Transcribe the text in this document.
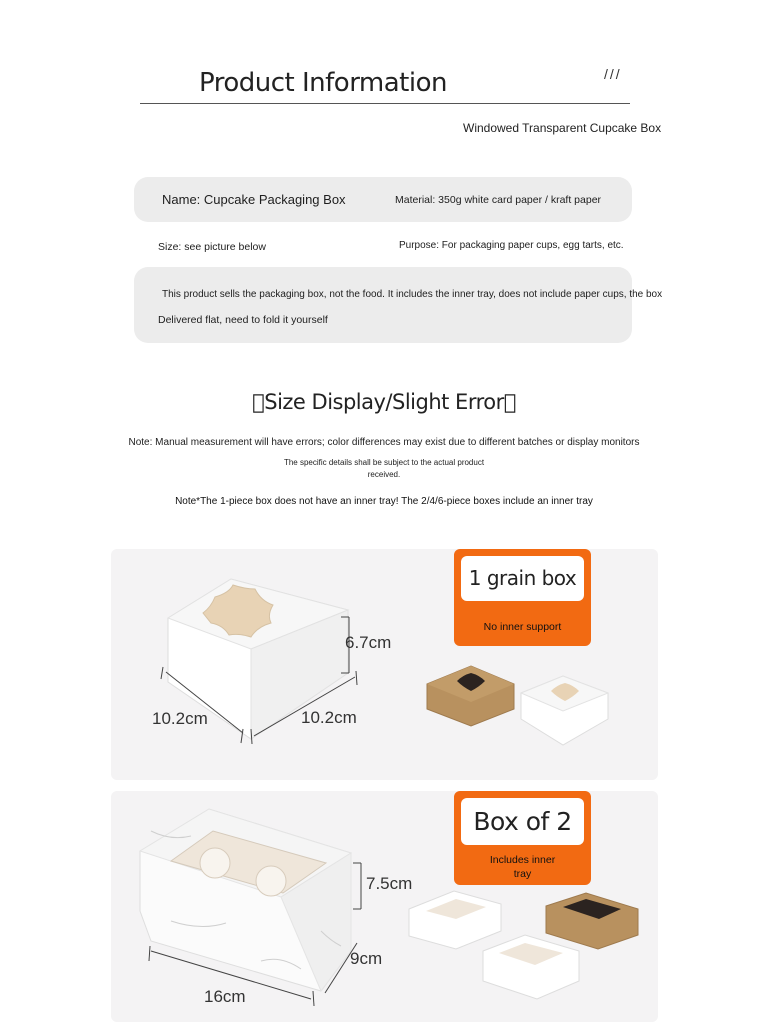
Product Information	///
Windowed Transparent Cupcake Box
Name: Cupcake Packaging Box	Material: 350g white card paper / kraft paper
Size: see picture below	Purpose: For packaging paper cups, egg tarts, etc.
This product sells the packaging box, not the food. It includes the inner tray, does not include paper cups, the box
Delivered flat, need to fold it yourself
 Size Display/Slight Error 
Note: Manual measurement will have errors; color differences may exist due to different batches or display monitors
The specific details shall be subject to the actual product
received.
Note*The 1-piece box does not have an inner tray! The 2/4/6-piece boxes include an inner tray
6.7cm
10.2cm	10.2cm
1 grain box
No inner support
7.5cm
9cm
16cm
Box of 2
Includes inner
tray
